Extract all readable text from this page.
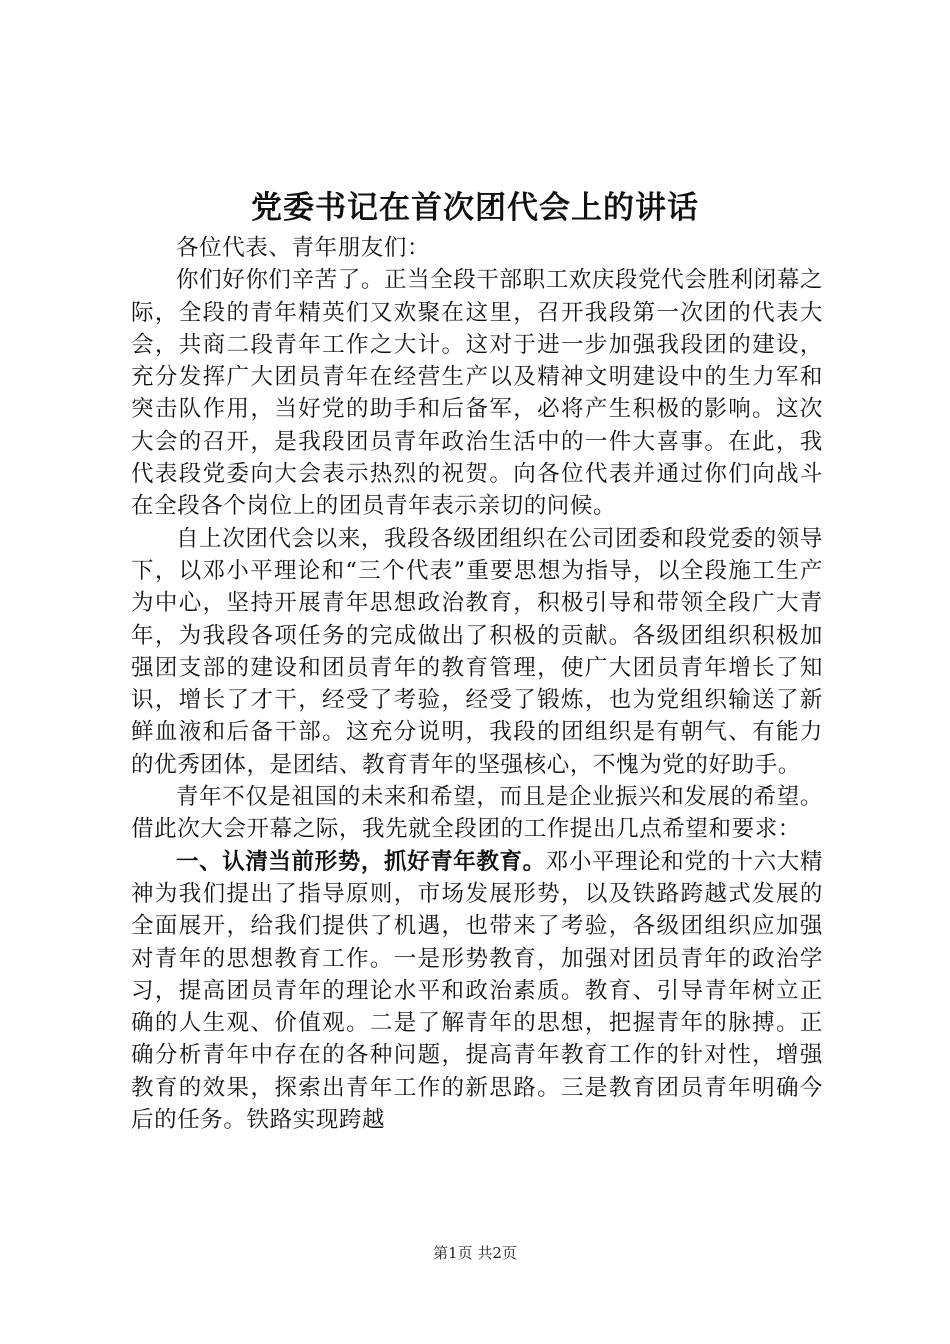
党委书记在首次团代会上的讲话

各位代表、青年朋友们：

你们好你们辛苦了。正当全段干部职工欢庆段党代会胜利闭幕之际，全段的青年精英们又欢聚在这里，召开我段第一次团的代表大会，共商二段青年工作之大计。这对于进一步加强我段团的建设，充分发挥广大团员青年在经营生产以及精神文明建设中的生力军和突击队作用，当好党的助手和后备军，必将产生积极的影响。这次大会的召开，是我段团员青年政治生活中的一件大喜事。在此，我代表段党委向大会表示热烈的祝贺。向各位代表并通过你们向战斗在全段各个岗位上的团员青年表示亲切的问候。

自上次团代会以来，我段各级团组织在公司团委和段党委的领导下，以邓小平理论和“三个代表”重要思想为指导，以全段施工生产为中心，坚持开展青年思想政治教育，积极引导和带领全段广大青年，为我段各项任务的完成做出了积极的贡献。各级团组织积极加强团支部的建设和团员青年的教育管理，使广大团员青年增长了知识，增长了才干，经受了考验，经受了锻炼，也为党组织输送了新鲜血液和后备干部。这充分说明，我段的团组织是有朝气、有能力的优秀团体，是团结、教育青年的坚强核心，不愧为党的好助手。

青年不仅是祖国的未来和希望，而且是企业振兴和发展的希望。借此次大会开幕之际，我先就全段团的工作提出几点希望和要求：

一、认清当前形势，抓好青年教育。邓小平理论和党的十六大精神为我们提出了指导原则，市场发展形势，以及铁路跨越式发展的全面展开，给我们提供了机遇，也带来了考验，各级团组织应加强对青年的思想教育工作。一是形势教育，加强对团员青年的政治学习，提高团员青年的理论水平和政治素质。教育、引导青年树立正确的人生观、价值观。二是了解青年的思想，把握青年的脉搏。正确分析青年中存在的各种问题，提高青年教育工作的针对性，增强教育的效果，探索出青年工作的新思路。三是教育团员青年明确今后的任务。铁路实现跨越

第1页 共2页
